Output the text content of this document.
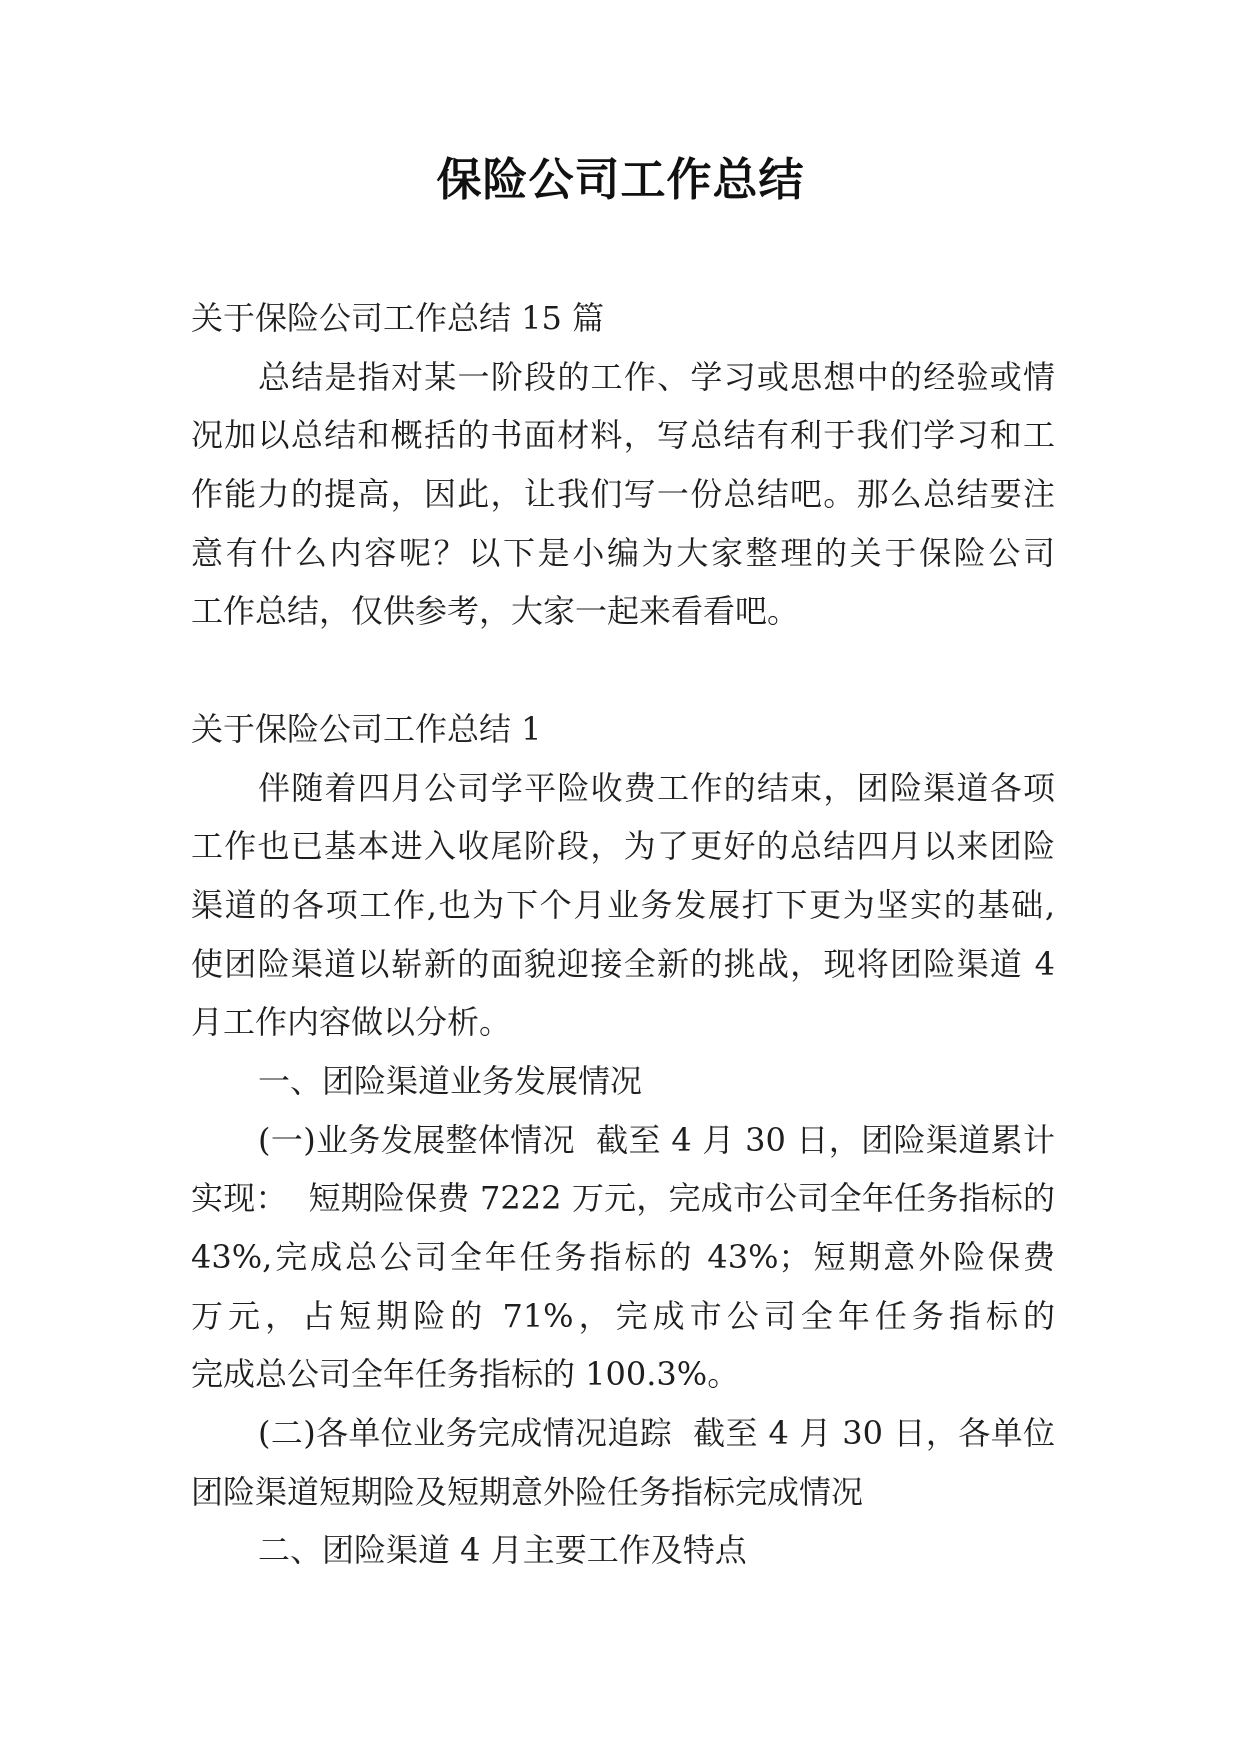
保险公司工作总结
关于保险公司工作总结 15 篇
总结是指对某一阶段的工作、学习或思想中的经验或情
况加以总结和概括的书面材料，写总结有利于我们学习和工
作能力的提高，因此，让我们写一份总结吧。那么总结要注
意有什么内容呢？以下是小编为大家整理的关于保险公司
工作总结，仅供参考，大家一起来看看吧。
关于保险公司工作总结 1
伴随着四月公司学平险收费工作的结束，团险渠道各项
工作也已基本进入收尾阶段，为了更好的总结四月以来团险
渠道的各项工作,也为下个月业务发展打下更为坚实的基础,
使团险渠道以崭新的面貌迎接全新的挑战，现将团险渠道 4
月工作内容做以分析。
一、团险渠道业务发展情况
(一)业务发展整体情况  截至 4 月 30 日，团险渠道累计
实现：  短期险保费 7222 万元，完成市公司全年任务指标的
43%,完成总公司全年任务指标的 43%；短期意外险保费
万元，占短期险的 71%，完成市公司全年任务指标的
完成总公司全年任务指标的 100.3%。
(二)各单位业务完成情况追踪  截至 4 月 30 日，各单位
团险渠道短期险及短期意外险任务指标完成情况
二、团险渠道 4 月主要工作及特点
